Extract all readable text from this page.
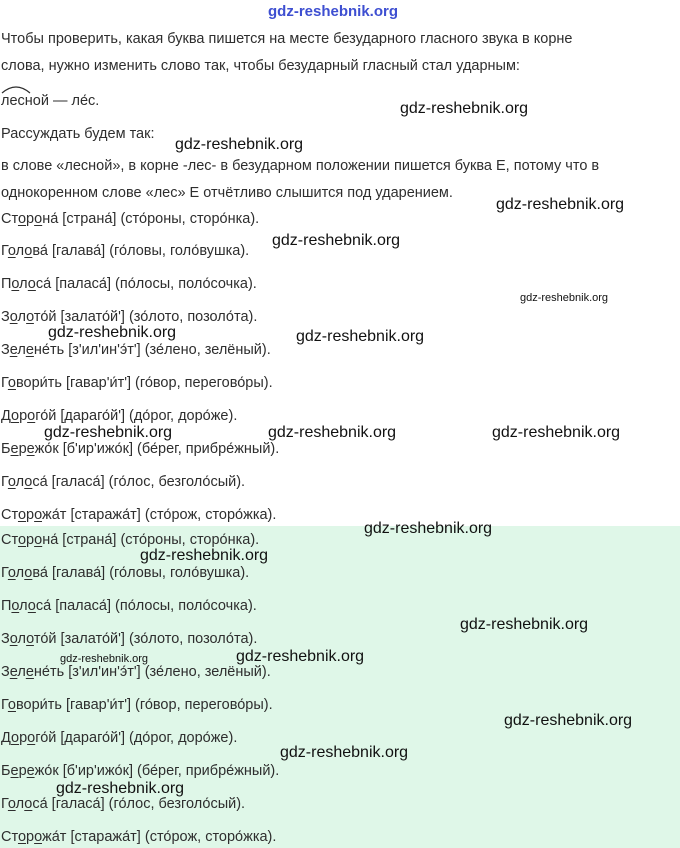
gdz-reshebnik.org
Чтобы проверить, какая буква пишется на месте безударного гласного звука в корне
слова, нужно изменить слово так, чтобы безударный гласный стал ударным:
лесной — ле́с.
Рассуждать будем так:
в слове «лесной», в корне -лес- в безударном положении пишется буква Е, потому что в
однокоренном слове «лес» Е отчётливо слышится под ударением.
Сторона́ [страна́] (сто́роны, сторо́нка).
Голова́ [галава́] (го́ловы, голо́вушка).
Полоса́ [паласа́] (по́лосы, поло́сочка).
Золото́й [залато́й'] (зо́лото, позоло́та).
Зелене́ть [з'ил'ин'э́т'] (зе́лено, зелёный).
Говори́ть [гавар'и́т'] (го́вор, перегово́ры).
Дорого́й [дараго́й'] (до́рог, доро́же).
Бережо́к [б'ир'ижо́к] (бе́рег, прибре́жный).
Голоса́ [галаса́] (го́лос, безголо́сый).
Сторожа́т [стаража́т] (сто́рож, сторо́жка).
Сторона́ [страна́] (сто́роны, сторо́нка).
Голова́ [галава́] (го́ловы, голо́вушка).
Полоса́ [паласа́] (по́лосы, поло́сочка).
Золото́й [залато́й'] (зо́лото, позоло́та).
Зелене́ть [з'ил'ин'э́т'] (зе́лено, зелёный).
Говори́ть [гавар'и́т'] (го́вор, перегово́ры).
Дорого́й [дараго́й'] (до́рог, доро́же).
Бережо́к [б'ир'ижо́к] (бе́рег, прибре́жный).
Голоса́ [галаса́] (го́лос, безголо́сый).
Сторожа́т [стаража́т] (сто́рож, сторо́жка).
gdz-reshebnik.org
gdz-reshebnik.org
gdz-reshebnik.org
gdz-reshebnik.org
gdz-reshebnik.org
gdz-reshebnik.org	gdz-reshebnik.org
gdz-reshebnik.org	gdz-reshebnik.org	gdz-reshebnik.org
gdz-reshebnik.org
gdz-reshebnik.org
gdz-reshebnik.org
gdz-reshebnik.org	gdz-reshebnik.org
gdz-reshebnik.org
gdz-reshebnik.org
gdz-reshebnik.org
